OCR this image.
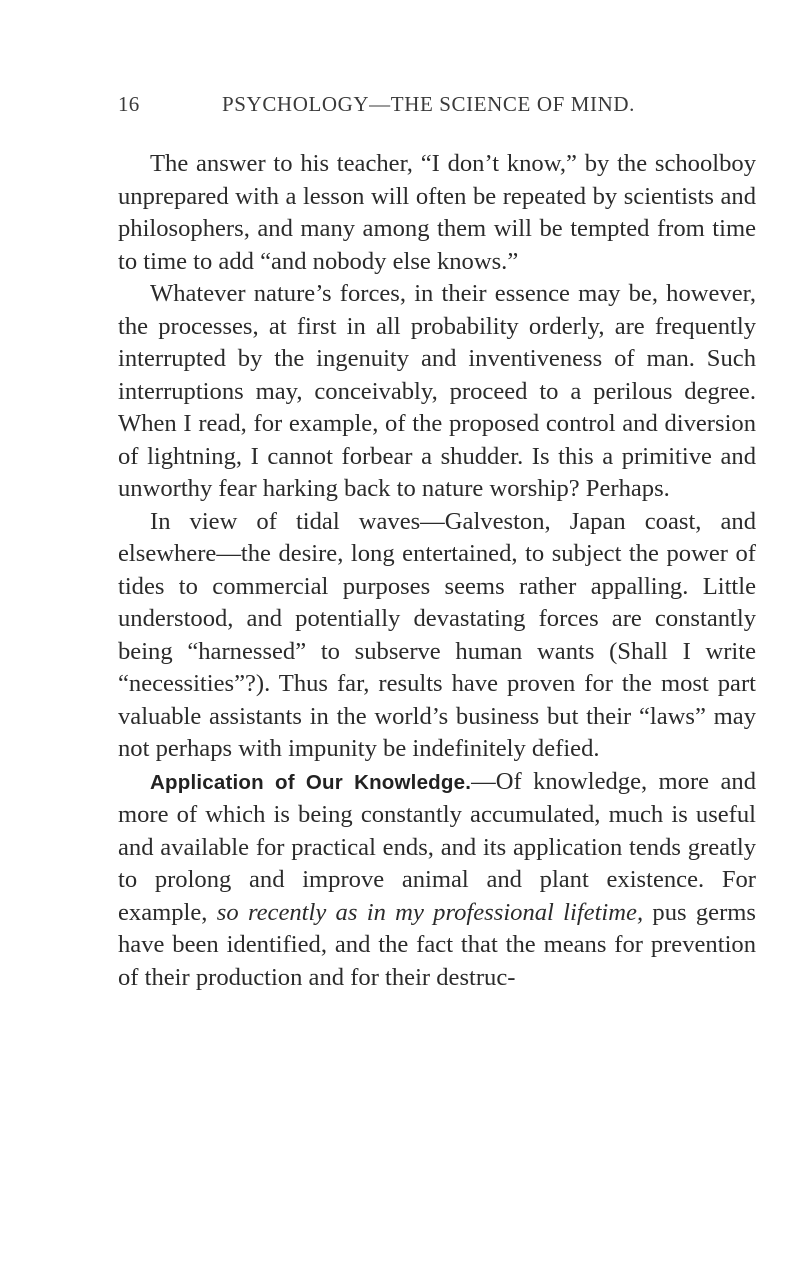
16	PSYCHOLOGY—THE SCIENCE OF MIND.

The answer to his teacher, “I don’t know,” by the schoolboy unprepared with a lesson will often be repeated by scientists and philosophers, and many among them will be tempted from time to time to add “and nobody else knows.”

Whatever nature’s forces, in their essence may be, however, the processes, at first in all probability orderly, are frequently interrupted by the ingenuity and inventiveness of man. Such interruptions may, conceivably, proceed to a perilous degree. When I read, for example, of the proposed control and diversion of lightning, I cannot forbear a shudder. Is this a primitive and unworthy fear harking back to nature worship? Perhaps.

In view of tidal waves—Galveston, Japan coast, and elsewhere—the desire, long entertained, to subject the power of tides to commercial purposes seems rather appalling. Little understood, and potentially devastating forces are constantly being “harnessed” to subserve human wants (Shall I write “necessities”?). Thus far, results have proven for the most part valuable assistants in the world’s business but their “laws” may not perhaps with impunity be indefinitely defied.

Application of Our Knowledge.—Of knowledge, more and more of which is being constantly accumulated, much is useful and available for practical ends, and its application tends greatly to prolong and improve animal and plant existence. For example, so recently as in my professional lifetime, pus germs have been identified, and the fact that the means for prevention of their production and for their destruc-
